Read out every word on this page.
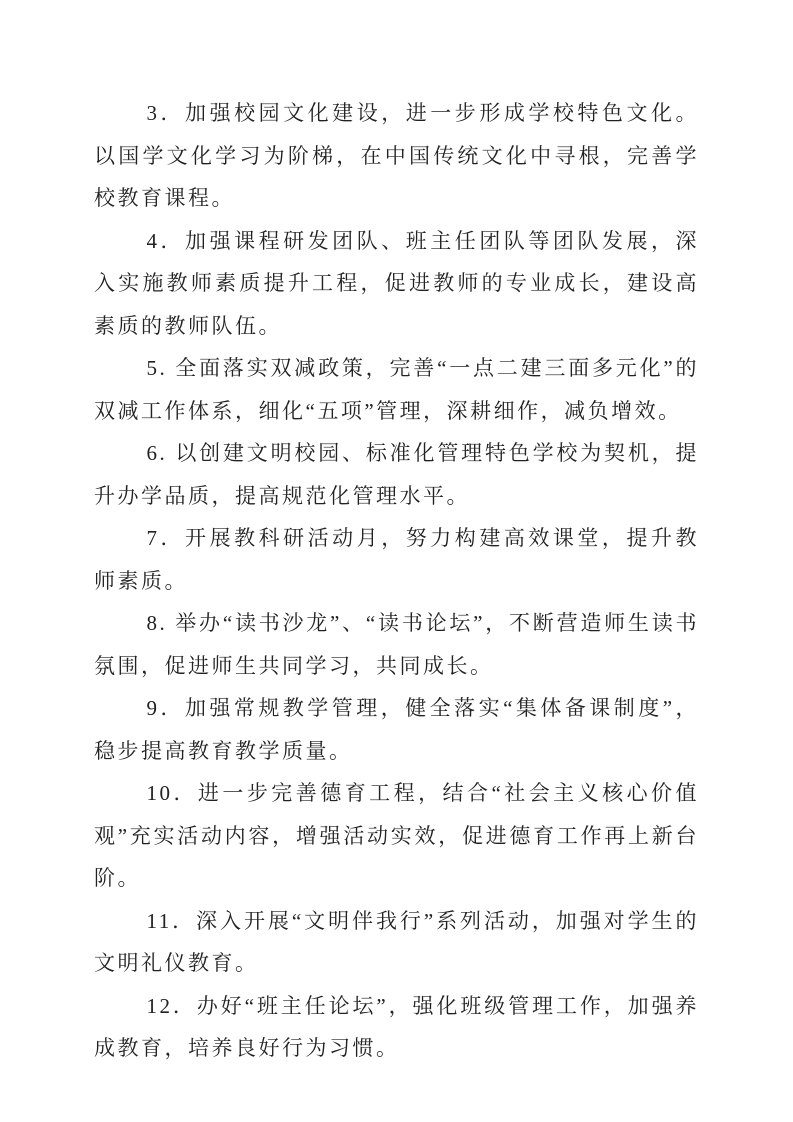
3．加强校园文化建设，进一步形成学校特色文化。以国学文化学习为阶梯，在中国传统文化中寻根，完善学校教育课程。

4．加强课程研发团队、班主任团队等团队发展，深入实施教师素质提升工程，促进教师的专业成长，建设高素质的教师队伍。

5. 全面落实双减政策，完善“一点二建三面多元化”的双减工作体系，细化“五项”管理，深耕细作，减负增效。

6. 以创建文明校园、标准化管理特色学校为契机，提升办学品质，提高规范化管理水平。

7．开展教科研活动月，努力构建高效课堂，提升教师素质。

8. 举办“读书沙龙”、“读书论坛”，不断营造师生读书氛围，促进师生共同学习，共同成长。

9．加强常规教学管理，健全落实“集体备课制度”，稳步提高教育教学质量。

10．进一步完善德育工程，结合“社会主义核心价值观”充实活动内容，增强活动实效，促进德育工作再上新台阶。

11．深入开展“文明伴我行”系列活动，加强对学生的文明礼仪教育。

12．办好“班主任论坛”，强化班级管理工作，加强养成教育，培养良好行为习惯。
